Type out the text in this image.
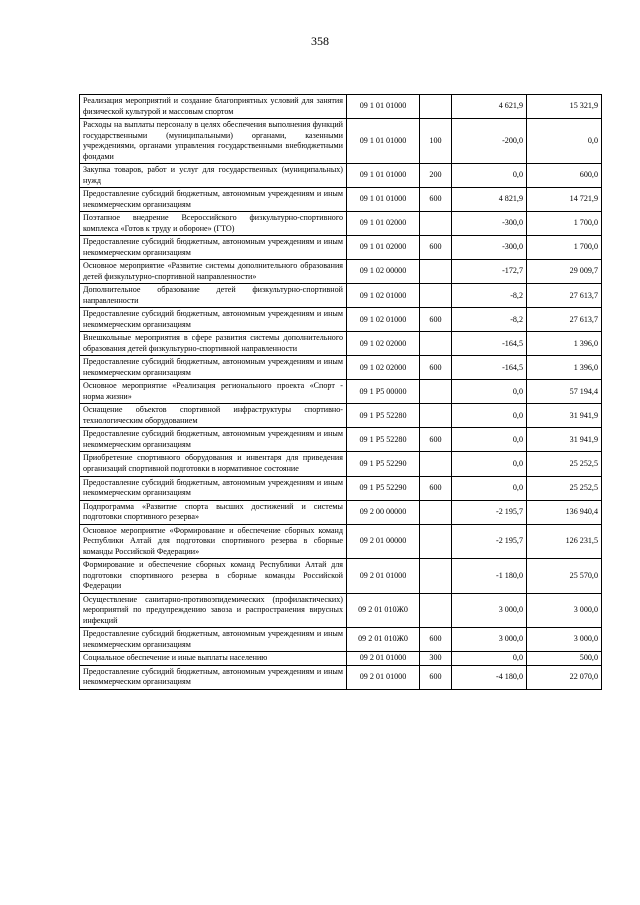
358
Реализация мероприятий и создание благоприятных условий для занятия физической культурой и массовым спортом	09 1 01 01000		4 621,9	15 321,9
Расходы на выплаты персоналу в целях обеспечения выполнения функций государственными (муниципальными) органами, казенными учреждениями, органами управления государственными внебюджетными фондами	09 1 01 01000	100	-200,0	0,0
Закупка товаров, работ и услуг для государственных (муниципальных) нужд	09 1 01 01000	200	0,0	600,0
Предоставление субсидий бюджетным, автономным учреждениям и иным некоммерческим организациям	09 1 01 01000	600	4 821,9	14 721,9
Поэтапное внедрение Всероссийского физкультурно-спортивного комплекса «Готов к труду и обороне» (ГТО)	09 1 01 02000		-300,0	1 700,0
Предоставление субсидий бюджетным, автономным учреждениям и иным некоммерческим организациям	09 1 01 02000	600	-300,0	1 700,0
Основное мероприятие «Развитие системы дополнительного образования детей физкультурно-спортивной направленности»	09 1 02 00000		-172,7	29 009,7
Дополнительное образование детей физкультурно-спортивной направленности	09 1 02 01000		-8,2	27 613,7
Предоставление субсидий бюджетным, автономным учреждениям и иным некоммерческим организациям	09 1 02 01000	600	-8,2	27 613,7
Внешкольные мероприятия в сфере развития системы дополнительного образования детей физкультурно-спортивной направленности	09 1 02 02000		-164,5	1 396,0
Предоставление субсидий бюджетным, автономным учреждениям и иным некоммерческим организациям	09 1 02 02000	600	-164,5	1 396,0
Основное мероприятие «Реализация регионального проекта «Спорт - норма жизни»	09 1 P5 00000		0,0	57 194,4
Оснащение объектов спортивной инфраструктуры спортивно-технологическим оборудованием	09 1 P5 52280		0,0	31 941,9
Предоставление субсидий бюджетным, автономным учреждениям и иным некоммерческим организациям	09 1 P5 52280	600	0,0	31 941,9
Приобретение спортивного оборудования и инвентаря для приведения организаций спортивной подготовки в нормативное состояние	09 1 P5 52290		0,0	25 252,5
Предоставление субсидий бюджетным, автономным учреждениям и иным некоммерческим организациям	09 1 P5 52290	600	0,0	25 252,5
Подпрограмма «Развитие спорта высших достижений и системы подготовки спортивного резерва»	09 2 00 00000		-2 195,7	136 940,4
Основное мероприятие «Формирование и обеспечение сборных команд Республики Алтай для подготовки спортивного резерва в сборные команды Российской Федерации»	09 2 01 00000		-2 195,7	126 231,5
Формирование и обеспечение сборных команд Республики Алтай для подготовки спортивного резерва в сборные команды Российской Федерации	09 2 01 01000		-1 180,0	25 570,0
Осуществление санитарно-противоэпидемических (профилактических) мероприятий по предупреждению завоза и распространения вирусных инфекций	09 2 01 010Ж0		3 000,0	3 000,0
Предоставление субсидий бюджетным, автономным учреждениям и иным некоммерческим организациям	09 2 01 010Ж0	600	3 000,0	3 000,0
Социальное обеспечение и иные выплаты населению	09 2 01 01000	300	0,0	500,0
Предоставление субсидий бюджетным, автономным учреждениям и иным некоммерческим организациям	09 2 01 01000	600	-4 180,0	22 070,0
